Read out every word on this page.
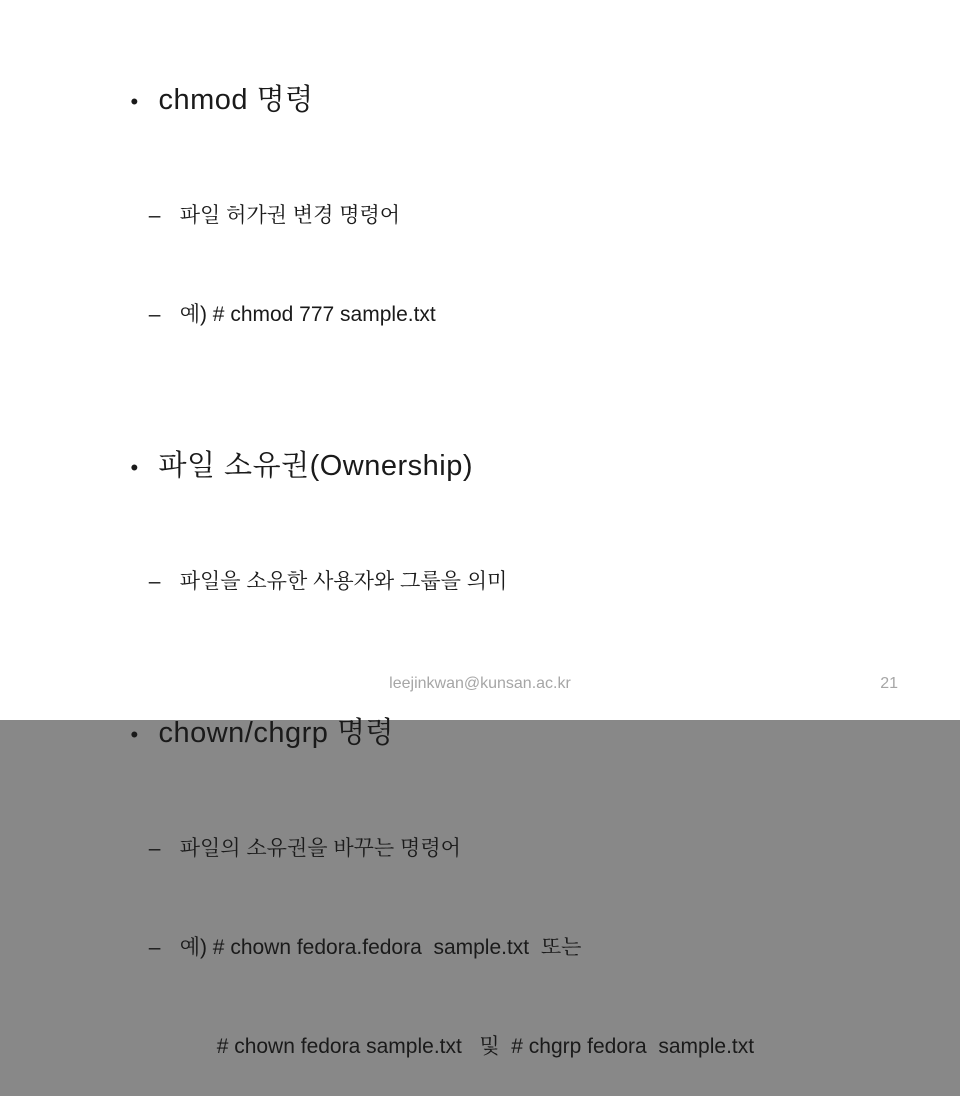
• chmod 명령

– 파일 허가권 변경 명령어

– 예) # chmod 777 sample.txt

• 파일 소유권(Ownership)

– 파일을 소유한 사용자와 그룹을 의미

• chown/chgrp 명령

– 파일의 소유권을 바꾸는 명령어

– 예) # chown fedora.fedora  sample.txt  또는

# chown fedora sample.txt   및  # chgrp fedora  sample.txt

leejinkwan@kunsan.ac.kr	21
